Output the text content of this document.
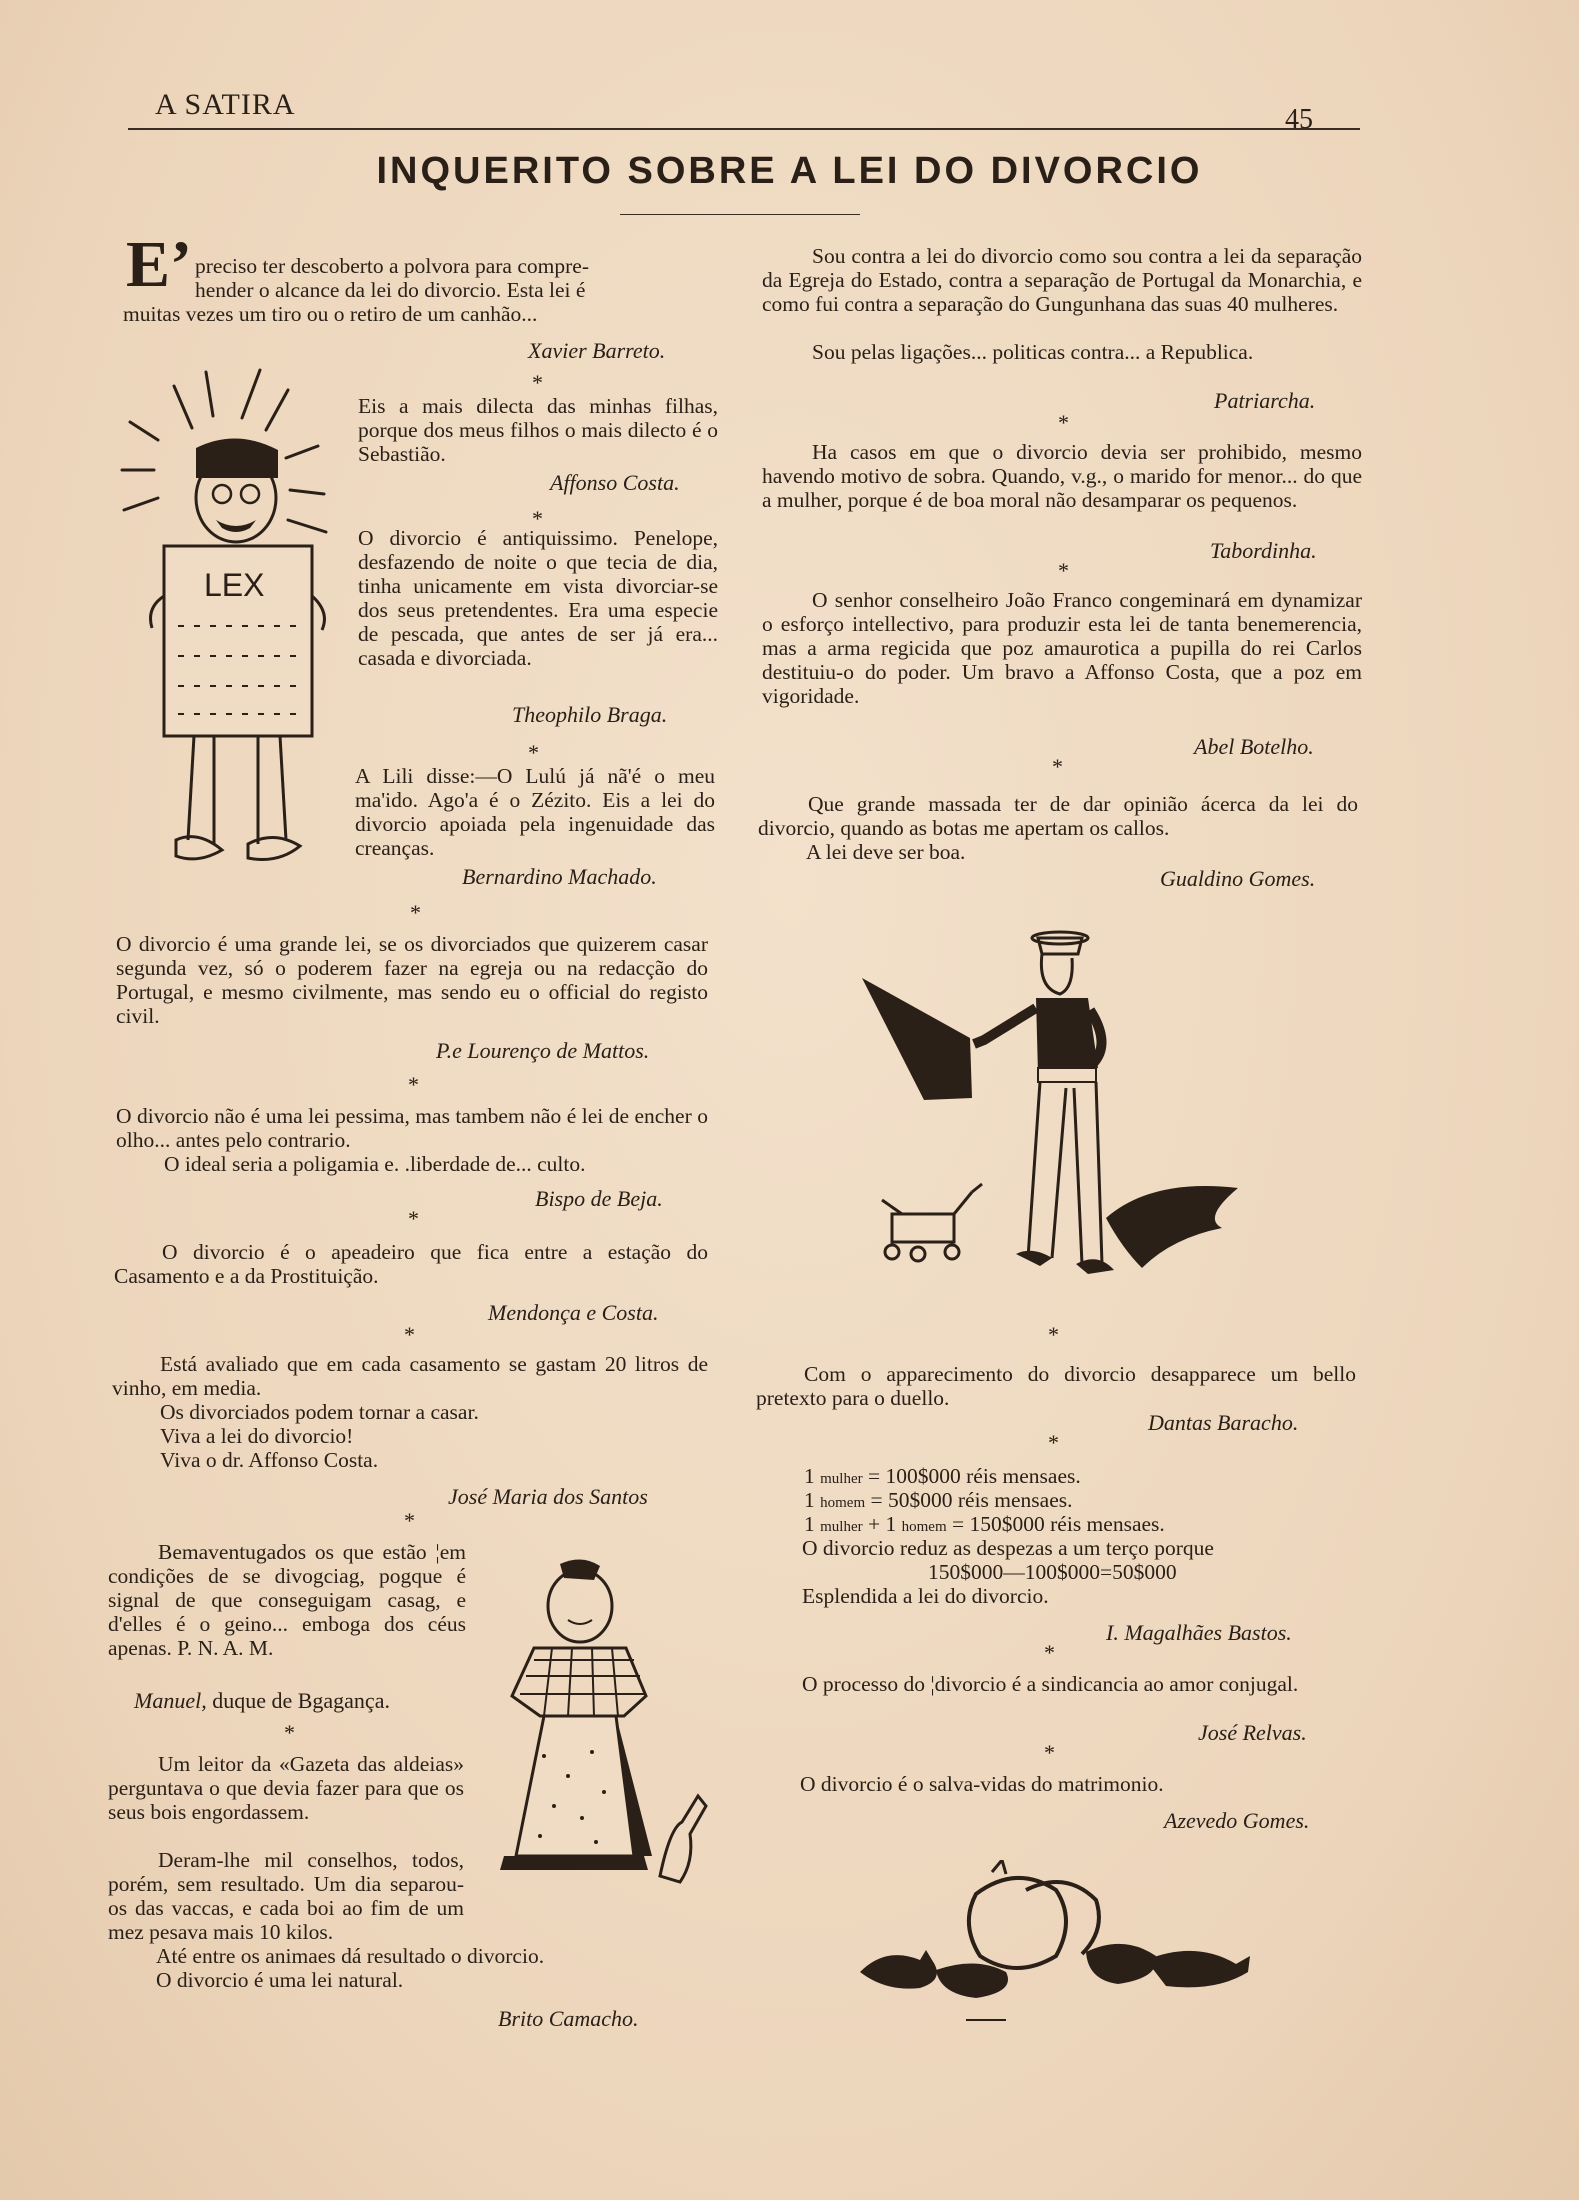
A SATIRA	45
INQUERITO SOBRE A LEI DO DIVORCIO
E’ preciso ter descoberto a polvora para compre-
hender o alcance da lei do divorcio. Esta lei é
muitas vezes um tiro ou o retiro de um canhão...
Xavier Barreto.
*
Eis a mais dilecta das minhas filhas, porque dos meus filhos o mais dilecto é o Sebastião.
Affonso Costa.
*
O divorcio é antiquissimo. Penelope, desfazendo de noite o que tecia de dia, tinha unicamente em vista divorciar-se dos seus pretendentes. Era uma especie de pescada, que antes de ser já era... casada e divorciada.
Theophilo Braga.
*
A Lili disse:—O Lulú já nã'é o meu ma'ido. Ago'a é o Zézito. Eis a lei do divorcio apoiada pela ingenuidade das creanças.
Bernardino Machado.
*
O divorcio é uma grande lei, se os divorciados que quizerem casar segunda vez, só o poderem fazer na egreja ou na redacção do Portugal, e mesmo civilmente, mas sendo eu o official do registo civil.
P.e Lourenço de Mattos.
*
O divorcio não é uma lei pessima, mas tambem não é lei de encher o olho... antes pelo contrario.
O ideal seria a poligamia e. .liberdade de... culto.
Bispo de Beja.
*
O divorcio é o apeadeiro que fica entre a estação do Casamento e a da Prostituição.
Mendonça e Costa.
*
Está avaliado que em cada casamento se gastam 20 litros de vinho, em media.
Os divorciados podem tornar a casar.
Viva a lei do divorcio!
Viva o dr. Affonso Costa.
José Maria dos Santos
*
Bemaventugados os que estão ¦em condições de se divogciag, pogque é signal de que conseguigam casag, e d'elles é o geino... emboga dos céus apenas. P. N. A. M.
Manuel, duque de Bgagança.
*
Um leitor da «Gazeta das aldeias» perguntava o que devia fazer para que os seus bois engordassem.
Deram-lhe mil conselhos, todos, porém, sem resultado. Um dia separou-os das vaccas, e cada boi ao fim de um mez pesava mais 10 kilos.
Até entre os animaes dá resultado o divorcio.
O divorcio é uma lei natural.
Brito Camacho.
Sou contra a lei do divorcio como sou contra a lei da separação da Egreja do Estado, contra a separação de Portugal da Monarchia, e como fui contra a separação do Gungunhana das suas 40 mulheres.
Sou pelas ligações... politicas contra... a Republica.
Patriarcha.
*
Ha casos em que o divorcio devia ser prohibido, mesmo havendo motivo de sobra. Quando, v.g., o marido for menor... do que a mulher, porque é de boa moral não desamparar os pequenos.
Tabordinha.
*
O senhor conselheiro João Franco congeminará em dynamizar o esforço intellectivo, para produzir esta lei de tanta benemerencia, mas a arma regicida que poz amaurotica a pupilla do rei Carlos destituiu-o do poder. Um bravo a Affonso Costa, que a poz em vigoridade.
Abel Botelho.
*
Que grande massada ter de dar opinião ácerca da lei do divorcio, quando as botas me apertam os callos.
A lei deve ser boa.
Gualdino Gomes.
*
Com o apparecimento do divorcio desapparece um bello pretexto para o duello.
Dantas Baracho.
*
1 mulher = 100$000 réis mensaes.
1 homem = 50$000 réis mensaes.
1 mulher + 1 homem = 150$000 réis mensaes.
O divorcio reduz as despezas a um terço porque
150$000—100$000=50$000
Esplendida a lei do divorcio.
I. Magalhães Bastos.
*
O processo do ¦divorcio é a sindicancia ao amor conjugal.
José Relvas.
*
O divorcio é o salva-vidas do matrimonio.
Azevedo Gomes.
LEX
